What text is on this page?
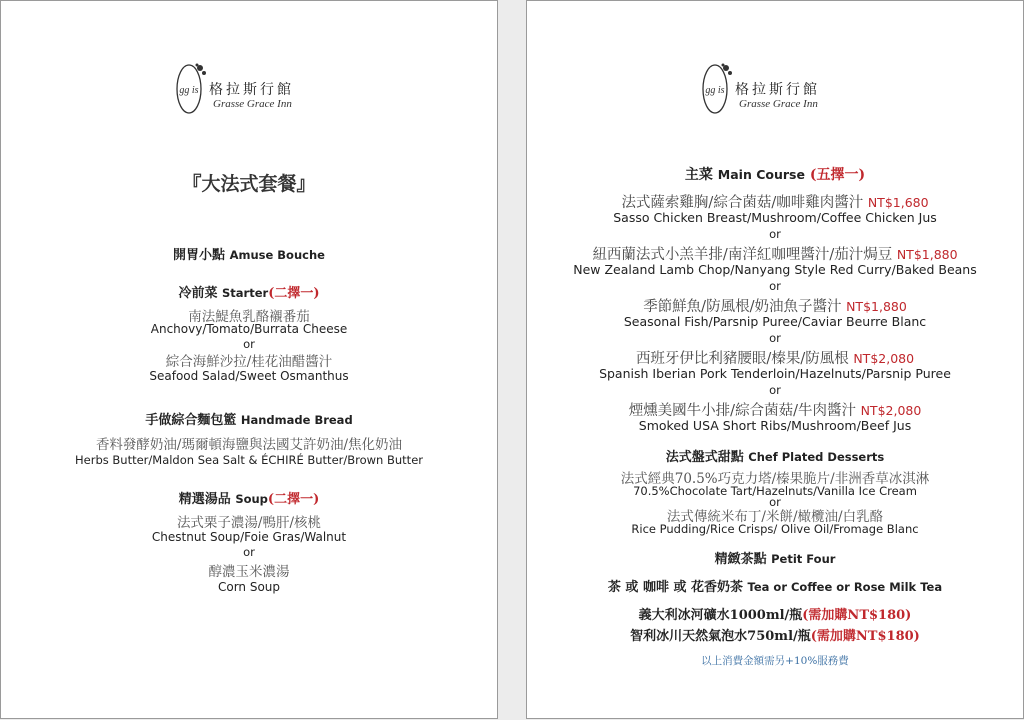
gg is 格拉斯行館
Grasse Grace Inn
『大法式套餐』
開胃小點 Amuse Bouche
冷前菜 Starter(二擇一)
南法鯷魚乳酪襯番茄
Anchovy/Tomato/Burrata Cheese
or
綜合海鮮沙拉/桂花油醋醬汁
Seafood Salad/Sweet Osmanthus
手做綜合麵包籃 Handmade Bread
香料發酵奶油/瑪爾頓海鹽與法國艾許奶油/焦化奶油
Herbs Butter/Maldon Sea Salt & ÉCHIRÉ Butter/Brown Butter
精選湯品 Soup(二擇一)
法式栗子濃湯/鴨肝/核桃
Chestnut Soup/Foie Gras/Walnut
or
醇濃玉米濃湯
Corn Soup
gg is 格拉斯行館
Grasse Grace Inn
主菜 Main Course (五擇一)
法式薩索雞胸/綜合菌菇/咖啡雞肉醬汁 NT$1,680
Sasso Chicken Breast/Mushroom/Coffee Chicken Jus
or
紐西蘭法式小羔羊排/南洋紅咖哩醬汁/茄汁焗豆 NT$1,880
New Zealand Lamb Chop/Nanyang Style Red Curry/Baked Beans
or
季節鮮魚/防風根/奶油魚子醬汁 NT$1,880
Seasonal Fish/Parsnip Puree/Caviar Beurre Blanc
or
西班牙伊比利豬腰眼/榛果/防風根 NT$2,080
Spanish Iberian Pork Tenderloin/Hazelnuts/Parsnip Puree
or
煙燻美國牛小排/綜合菌菇/牛肉醬汁 NT$2,080
Smoked USA Short Ribs/Mushroom/Beef Jus
法式盤式甜點 Chef Plated Desserts
法式經典70.5%巧克力塔/榛果脆片/非洲香草冰淇淋
70.5%Chocolate Tart/Hazelnuts/Vanilla Ice Cream
or
法式傳統米布丁/米餅/橄欖油/白乳酪
Rice Pudding/Rice Crisps/ Olive Oil/Fromage Blanc
精緻茶點 Petit Four
茶 或 咖啡 或 花香奶茶 Tea or Coffee or Rose Milk Tea
義大利冰河礦水1000ml/瓶(需加購NT$180)
智利冰川天然氣泡水750ml/瓶(需加購NT$180)
以上消費金額需另+10%服務費
